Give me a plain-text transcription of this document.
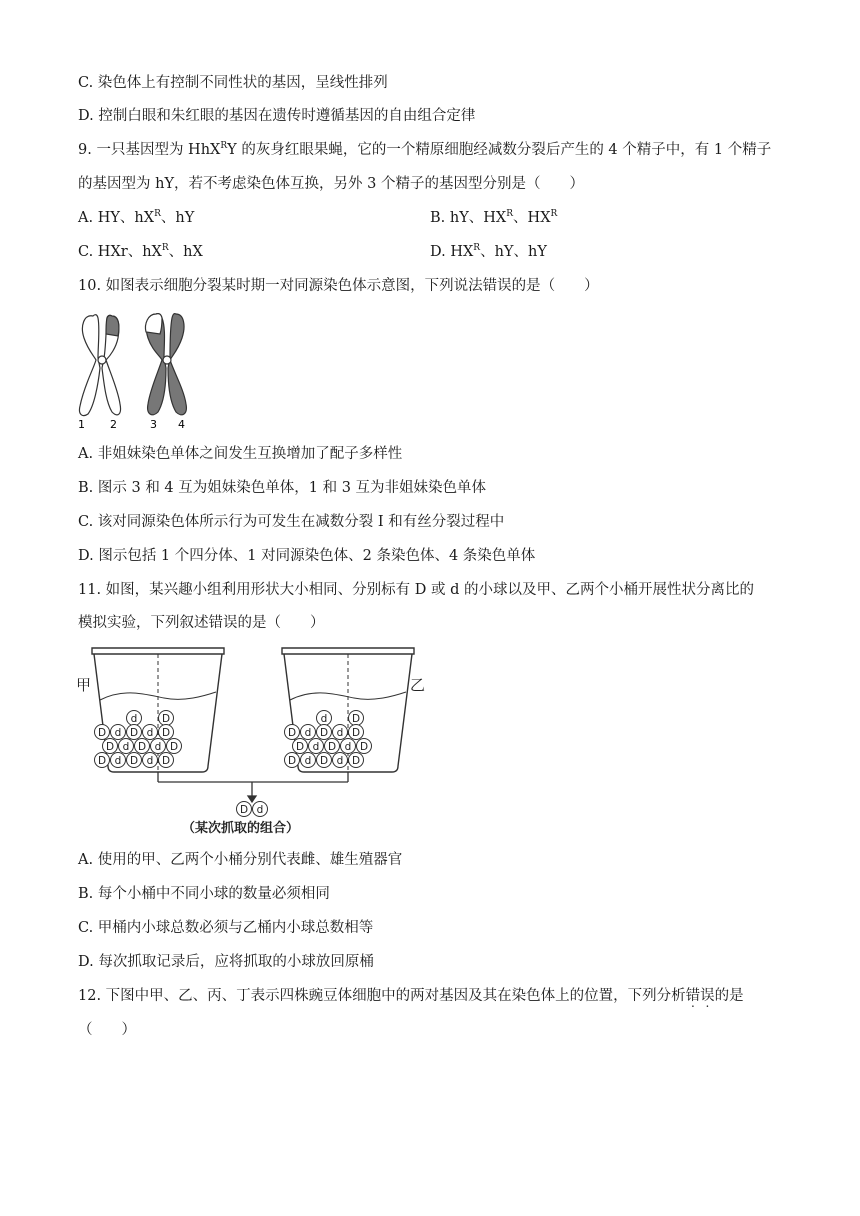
C. 染色体上有控制不同性状的基因，呈线性排列
D. 控制白眼和朱红眼的基因在遗传时遵循基因的自由组合定律
9. 一只基因型为 HhX$^R$Y 的灰身红眼果蝇，它的一个精原细胞经减数分裂后产生的 4 个精子中，有 1 个精子
的基因型为 hY，若不考虑染色体互换，另外 3 个精子的基因型分别是（　　）
A. HY、$hX^R$、hY	B. hY、$HX^R$、$HX^R$
C. HXr、$hX^R$、hX	D. $HX^R$、hY、hY
10. 如图表示细胞分裂某时期一对同源染色体示意图，下列说法错误的是（　　）
1 2	3 4
A. 非姐妹染色单体之间发生互换增加了配子多样性
B. 图示 3 和 4 互为姐妹染色单体，1 和 3 互为非姐妹染色单体
C. 该对同源染色体所示行为可发生在减数分裂 Ⅰ 和有丝分裂过程中
D. 图示包括 1 个四分体、1 对同源染色体、2 条染色体、4 条染色单体
11. 如图，某兴趣小组利用形状大小相同、分别标有 D 或 d 的小球以及甲、乙两个小桶开展性状分离比的
模拟实验，下列叙述错误的是（　　）
甲	乙
d D
D d D d D
D d D d D
D d D d D
d D
D d D d D
D d D d D
D d D d D
D d
（某次抓取的组合）
A. 使用的甲、乙两个小桶分别代表雌、雄生殖器官
B. 每个小桶中不同小球的数量必须相同
C. 甲桶内小球总数必须与乙桶内小球总数相等
D. 每次抓取记录后，应将抓取的小球放回原桶
12. 下图中甲、乙、丙、丁表示四株豌豆体细胞中的两对基因及其在染色体上的位置，下列分析错误的是
（　　）
